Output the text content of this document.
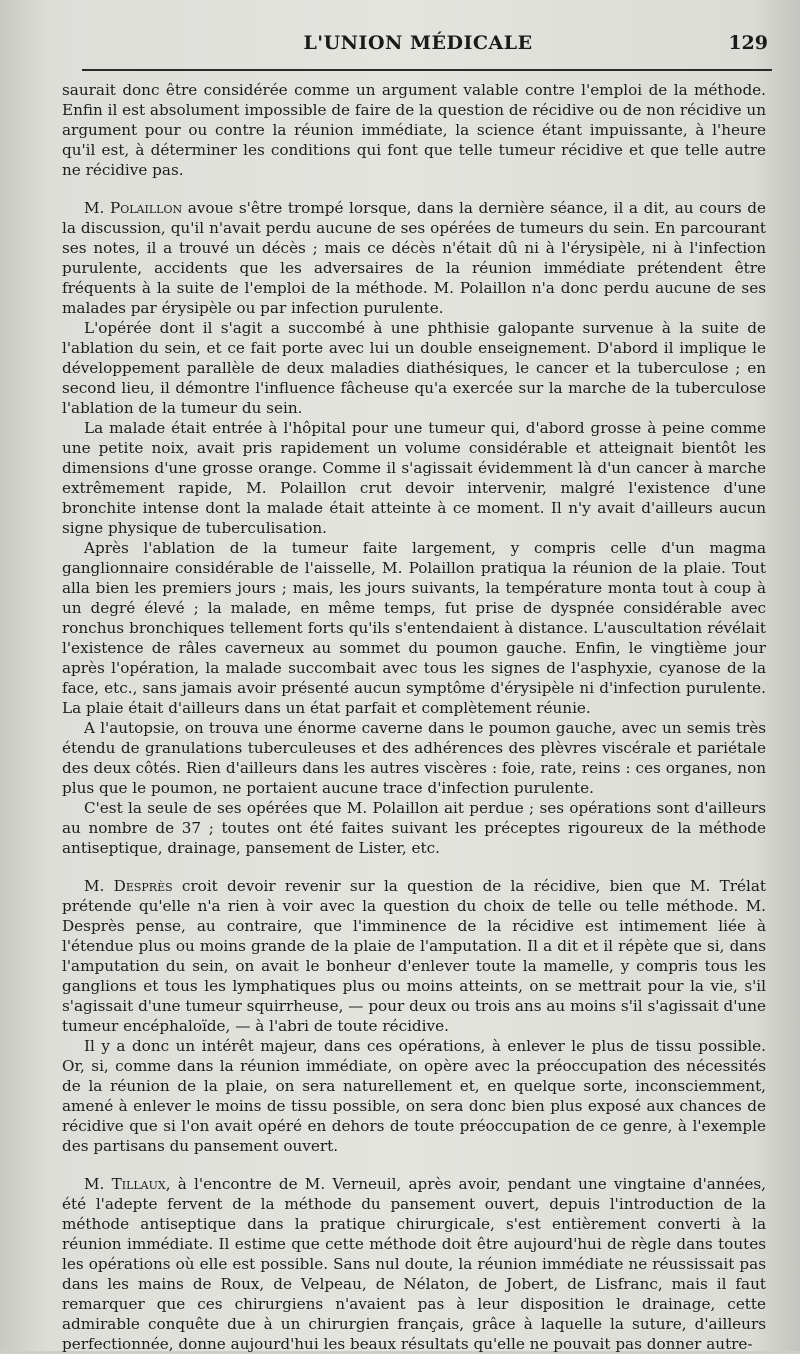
L'UNION MÉDICALE	129

saurait donc être considérée comme un argument valable contre l'emploi de la méthode. Enfin il est absolument impossible de faire de la question de récidive ou de non récidive un argument pour ou contre la réunion immédiate, la science étant impuissante, à l'heure qu'il est, à déterminer les conditions qui font que telle tumeur récidive et que telle autre ne récidive pas.

M. Polaillon avoue s'être trompé lorsque, dans la dernière séance, il a dit, au cours de la discussion, qu'il n'avait perdu aucune de ses opérées de tumeurs du sein. En parcourant ses notes, il a trouvé un décès ; mais ce décès n'était dû ni à l'érysipèle, ni à l'infection purulente, accidents que les adversaires de la réunion immédiate prétendent être fréquents à la suite de l'emploi de la méthode. M. Polaillon n'a donc perdu aucune de ses malades par érysipèle ou par infection purulente.

L'opérée dont il s'agit a succombé à une phthisie galopante survenue à la suite de l'ablation du sein, et ce fait porte avec lui un double enseignement. D'abord il implique le développement parallèle de deux maladies diathésiques, le cancer et la tuberculose ; en second lieu, il démontre l'influence fâcheuse qu'a exercée sur la marche de la tuberculose l'ablation de la tumeur du sein.

La malade était entrée à l'hôpital pour une tumeur qui, d'abord grosse à peine comme une petite noix, avait pris rapidement un volume considérable et atteignait bientôt les dimensions d'une grosse orange. Comme il s'agissait évidemment là d'un cancer à marche extrêmement rapide, M. Polaillon crut devoir intervenir, malgré l'existence d'une bronchite intense dont la malade était atteinte à ce moment. Il n'y avait d'ailleurs aucun signe physique de tuberculisation.

Après l'ablation de la tumeur faite largement, y compris celle d'un magma ganglionnaire considérable de l'aisselle, M. Polaillon pratiqua la réunion de la plaie. Tout alla bien les premiers jours ; mais, les jours suivants, la température monta tout à coup à un degré élevé ; la malade, en même temps, fut prise de dyspnée considérable avec ronchus bronchiques tellement forts qu'ils s'entendaient à distance. L'auscultation révélait l'existence de râles caverneux au sommet du poumon gauche. Enfin, le vingtième jour après l'opération, la malade succombait avec tous les signes de l'asphyxie, cyanose de la face, etc., sans jamais avoir présenté aucun symptôme d'érysipèle ni d'infection purulente. La plaie était d'ailleurs dans un état parfait et complètement réunie.

A l'autopsie, on trouva une énorme caverne dans le poumon gauche, avec un semis très étendu de granulations tuberculeuses et des adhérences des plèvres viscérale et pariétale des deux côtés. Rien d'ailleurs dans les autres viscères : foie, rate, reins : ces organes, non plus que le poumon, ne portaient aucune trace d'infection purulente.

C'est la seule de ses opérées que M. Polaillon ait perdue ; ses opérations sont d'ailleurs au nombre de 37 ; toutes ont été faites suivant les préceptes rigoureux de la méthode antiseptique, drainage, pansement de Lister, etc.

M. Desprès croit devoir revenir sur la question de la récidive, bien que M. Trélat prétende qu'elle n'a rien à voir avec la question du choix de telle ou telle méthode. M. Desprès pense, au contraire, que l'imminence de la récidive est intimement liée à l'étendue plus ou moins grande de la plaie de l'amputation. Il a dit et il répète que si, dans l'amputation du sein, on avait le bonheur d'enlever toute la mamelle, y compris tous les ganglions et tous les lymphatiques plus ou moins atteints, on se mettrait pour la vie, s'il s'agissait d'une tumeur squirrheuse, — pour deux ou trois ans au moins s'il s'agissait d'une tumeur encéphaloïde, — à l'abri de toute récidive.

Il y a donc un intérêt majeur, dans ces opérations, à enlever le plus de tissu possible. Or, si, comme dans la réunion immédiate, on opère avec la préoccupation des nécessités de la réunion de la plaie, on sera naturellement et, en quelque sorte, inconsciemment, amené à enlever le moins de tissu possible, on sera donc bien plus exposé aux chances de récidive que si l'on avait opéré en dehors de toute préoccupation de ce genre, à l'exemple des partisans du pansement ouvert.

M. Tillaux, à l'encontre de M. Verneuil, après avoir, pendant une vingtaine d'années, été l'adepte fervent de la méthode du pansement ouvert, depuis l'introduction de la méthode antiseptique dans la pratique chirurgicale, s'est entièrement converti à la réunion immédiate. Il estime que cette méthode doit être aujourd'hui de règle dans toutes les opérations où elle est possible. Sans nul doute, la réunion immédiate ne réussissait pas dans les mains de Roux, de Velpeau, de Nélaton, de Jobert, de Lisfranc, mais il faut remarquer que ces chirurgiens n'avaient pas à leur disposition le drainage, cette admirable conquête due à un chirurgien français, grâce à laquelle la suture, d'ailleurs perfectionnée, donne aujourd'hui les beaux résultats qu'elle ne pouvait pas donner autre-
